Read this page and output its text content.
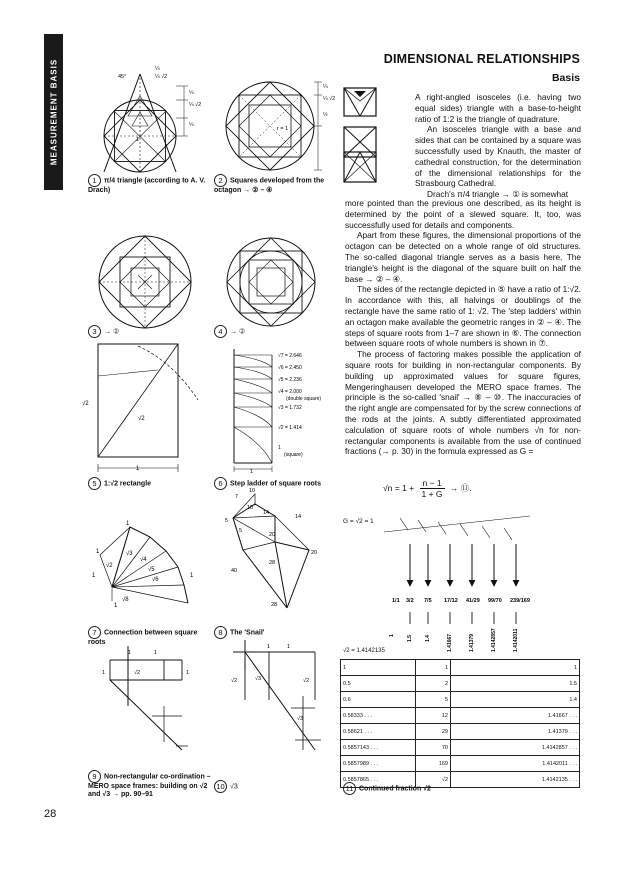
MEASUREMENT BASIS	DIMENSIONAL RELATIONSHIPS
Basis

A right-angled isosceles (i.e. having two equal sides) triangle with a base-to-height ratio of 1:2 is the triangle of quadrature.

An isosceles triangle with a base and sides that can be contained by a square was successfully used by Knauth, the master of cathedral construction, for the determination of the dimensional relationships for the Strasbourg Cathedral.

Drach's π/4 triangle → ① is somewhat

more pointed than the previous one described, as its height is determined by the point of a slewed square. It, too, was successfully used for details and components.

Apart from these figures, the dimensional proportions of the octagon can be detected on a whole range of old structures. The so-called diagonal triangle serves as a basis here. The triangle's height is the diagonal of the square built on half the base → ② – ④.

The sides of the rectangle depicted in ⑤ have a ratio of 1:√2. In accordance with this, all halvings or doublings of the rectangle have the same ratio of 1: √2. The 'step ladders' within an octagon make available the geometric ranges in ② – ④. The steps of square roots from 1–7 are shown in ⑥. The connection between square roots of whole numbers is shown in ⑦.

The process of factoring makes possible the application of square roots for building in non-rectangular components. By building up approximated values for square figures, Mengeringhausen developed the MERO space frames. The principle is the so-called 'snail' → ⑧ – ⑩. The inaccuracies of the right angle are compensated for by the screw connections of the rods at the joints. A subtly differentiated approximated calculation of square roots of whole numbers √n for non-rectangular components is available from the use of continued fractions (→ p. 30) in the formula expressed as G =

$√n = 1 + \frac{n - 1}{1 + G}$ → ⑪.
45°
¼
¼ √2
¼
¼ √2
¼
1
1 π/4 triangle (according to A. V. Drach)
¼
¼ √2
½
r = 1
2 Squares developed from the octagon → ② – ④
3 → ②	4 → ②
√2
√2
1
5 1:√2 rectangle
√7 = 2.646
√6 = 2.450
√5 = 2.236
√4 = 2.000
(double square)
√3 = 1.732
√2 = 1.414
1
(square)
1
6 Step ladder of square roots
1
1
1
1
√2
√3
√4
√5
√6
1
√8
7 Connection between square roots
7
10
14
14
5
20
20
40
28
28
10
5
8 The 'Snail'
1	1
√2
1	1
9 Non-rectangular co-ordination – MERO space frames: building on √2 and √3 → pp. 90–91
1	1
√2	√3	√2
√3
10 √3
G = √2 = 1
1/1 3/2 7/5 17/12 41/29 99/70 239/169
1 1.5 1.4	1.41667	1.41379	1.4142857	1.4142011
√2 = 1.4142135
1	1	1
0.5	2	1.5
0.6	5	1.4
0.58333 . . .	12	1.41667 . . .
0.58621 . . .	29	1.41379 . . .
0.5857143 . . .	70	1.4142857 . . .
0.5857989 . . .	169	1.4142011 . . .
0.5857865 . . .	√2	1.4142135 . . .
11 Continued fraction √2
28
